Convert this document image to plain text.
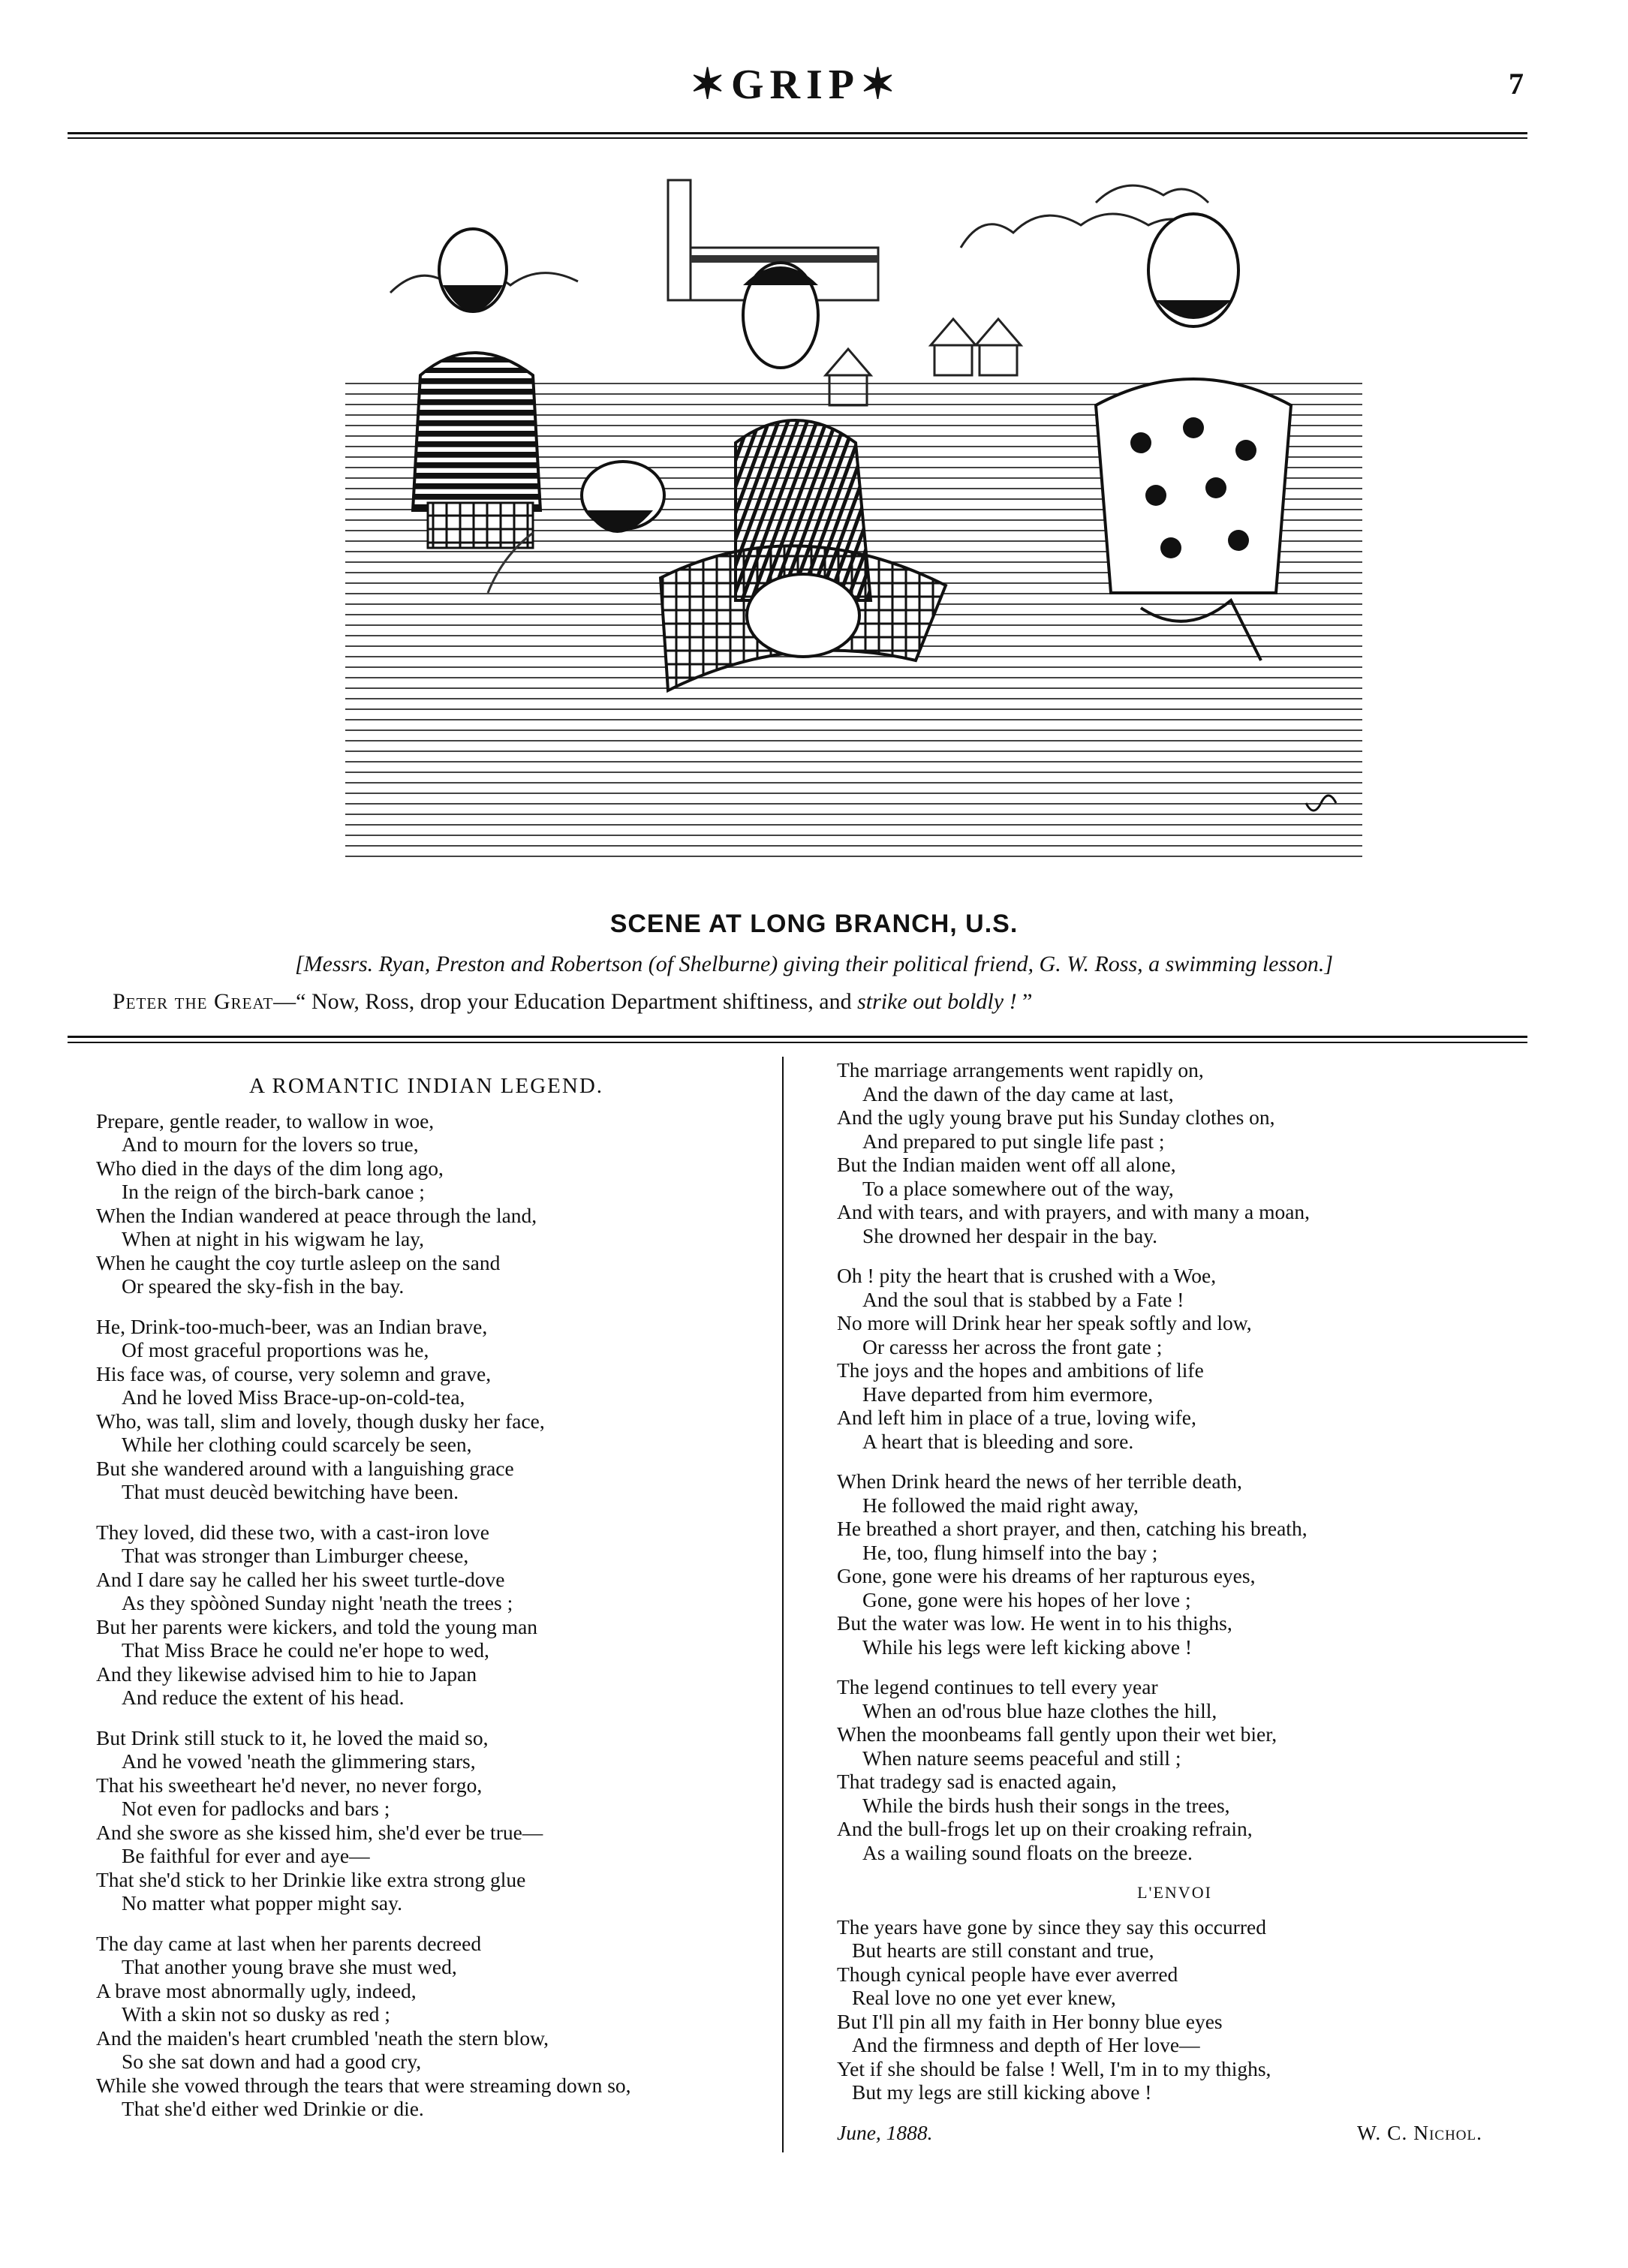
✶GRIP✶	7
SCENE AT LONG BRANCH, U.S.
[Messrs. Ryan, Preston and Robertson (of Shelburne) giving their political friend, G. W. Ross, a swimming lesson.]
Peter the Great—“ Now, Ross, drop your Education Department shiftiness, and strike out boldly ! ”
A ROMANTIC INDIAN LEGEND.
Prepare, gentle reader, to wallow in woe,
And to mourn for the lovers so true,
Who died in the days of the dim long ago,
In the reign of the birch-bark canoe ;
When the Indian wandered at peace through the land,
When at night in his wigwam he lay,
When he caught the coy turtle asleep on the sand
Or speared the sky-fish in the bay.
He, Drink-too-much-beer, was an Indian brave,
Of most graceful proportions was he,
His face was, of course, very solemn and grave,
And he loved Miss Brace-up-on-cold-tea,
Who, was tall, slim and lovely, though dusky her face,
While her clothing could scarcely be seen,
But she wandered around with a languishing grace
That must deucèd bewitching have been.
They loved, did these two, with a cast-iron love
That was stronger than Limburger cheese,
And I dare say he called her his sweet turtle-dove
As they spòòned Sunday night 'neath the trees ;
But her parents were kickers, and told the young man
That Miss Brace he could ne'er hope to wed,
And they likewise advised him to hie to Japan
And reduce the extent of his head.
But Drink still stuck to it, he loved the maid so,
And he vowed 'neath the glimmering stars,
That his sweetheart he'd never, no never forgo,
Not even for padlocks and bars ;
And she swore as she kissed him, she'd ever be true—
Be faithful for ever and aye—
That she'd stick to her Drinkie like extra strong glue
No matter what popper might say.
The day came at last when her parents decreed
That another young brave she must wed,
A brave most abnormally ugly, indeed,
With a skin not so dusky as red ;
And the maiden's heart crumbled 'neath the stern blow,
So she sat down and had a good cry,
While she vowed through the tears that were streaming down so,
That she'd either wed Drinkie or die.
The marriage arrangements went rapidly on,
And the dawn of the day came at last,
And the ugly young brave put his Sunday clothes on,
And prepared to put single life past ;
But the Indian maiden went off all alone,
To a place somewhere out of the way,
And with tears, and with prayers, and with many a moan,
She drowned her despair in the bay.
Oh ! pity the heart that is crushed with a Woe,
And the soul that is stabbed by a Fate !
No more will Drink hear her speak softly and low,
Or caresss her across the front gate ;
The joys and the hopes and ambitions of life
Have departed from him evermore,
And left him in place of a true, loving wife,
A heart that is bleeding and sore.
When Drink heard the news of her terrible death,
He followed the maid right away,
He breathed a short prayer, and then, catching his breath,
He, too, flung himself into the bay ;
Gone, gone were his dreams of her rapturous eyes,
Gone, gone were his hopes of her love ;
But the water was low. He went in to his thighs,
While his legs were left kicking above !
The legend continues to tell every year
When an od'rous blue haze clothes the hill,
When the moonbeams fall gently upon their wet bier,
When nature seems peaceful and still ;
That tradegy sad is enacted again,
While the birds hush their songs in the trees,
And the bull-frogs let up on their croaking refrain,
As a wailing sound floats on the breeze.
L'ENVOI
The years have gone by since they say this occurred
But hearts are still constant and true,
Though cynical people have ever averred
Real love no one yet ever knew,
But I'll pin all my faith in Her bonny blue eyes
And the firmness and depth of Her love—
Yet if she should be false ! Well, I'm in to my thighs,
But my legs are still kicking above !
June, 1888.	W. C. Nichol.
